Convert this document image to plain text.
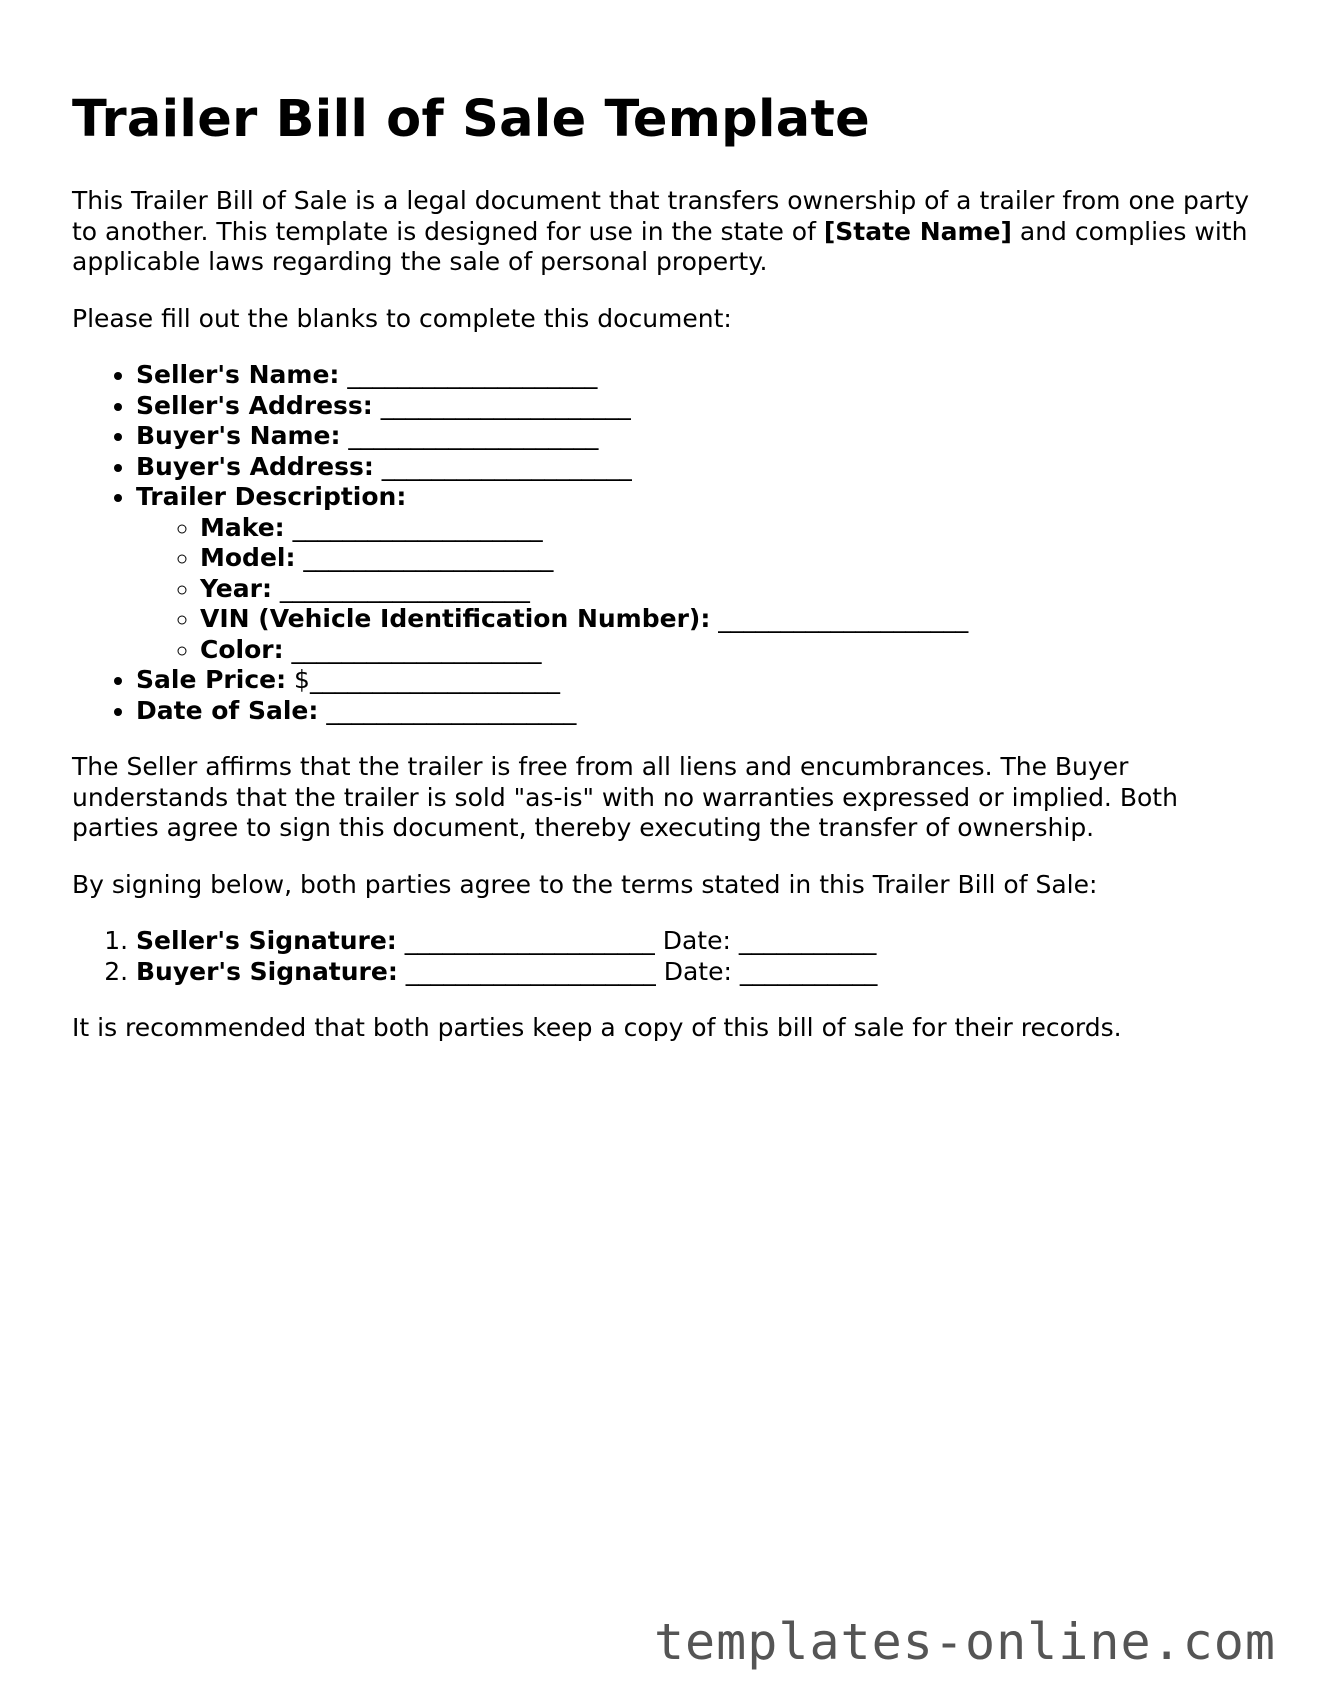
Trailer Bill of Sale Template

This Trailer Bill of Sale is a legal document that transfers ownership of a trailer from one party to another. This template is designed for use in the state of [State Name] and complies with applicable laws regarding the sale of personal property.

Please fill out the blanks to complete this document:

• Seller's Name: ____________________
• Seller's Address: ____________________
• Buyer's Name: ____________________
• Buyer's Address: ____________________
• Trailer Description:
◦ Make: ____________________
◦ Model: ____________________
◦ Year: ____________________
◦ VIN (Vehicle Identification Number): ____________________
◦ Color: ____________________
• Sale Price: $____________________
• Date of Sale: ____________________

The Seller affirms that the trailer is free from all liens and encumbrances. The Buyer understands that the trailer is sold "as-is" with no warranties expressed or implied. Both parties agree to sign this document, thereby executing the transfer of ownership.

By signing below, both parties agree to the terms stated in this Trailer Bill of Sale:

1. Seller's Signature: ____________________ Date: ___________
2. Buyer's Signature: ____________________ Date: ___________

It is recommended that both parties keep a copy of this bill of sale for their records.

templates-online.com
